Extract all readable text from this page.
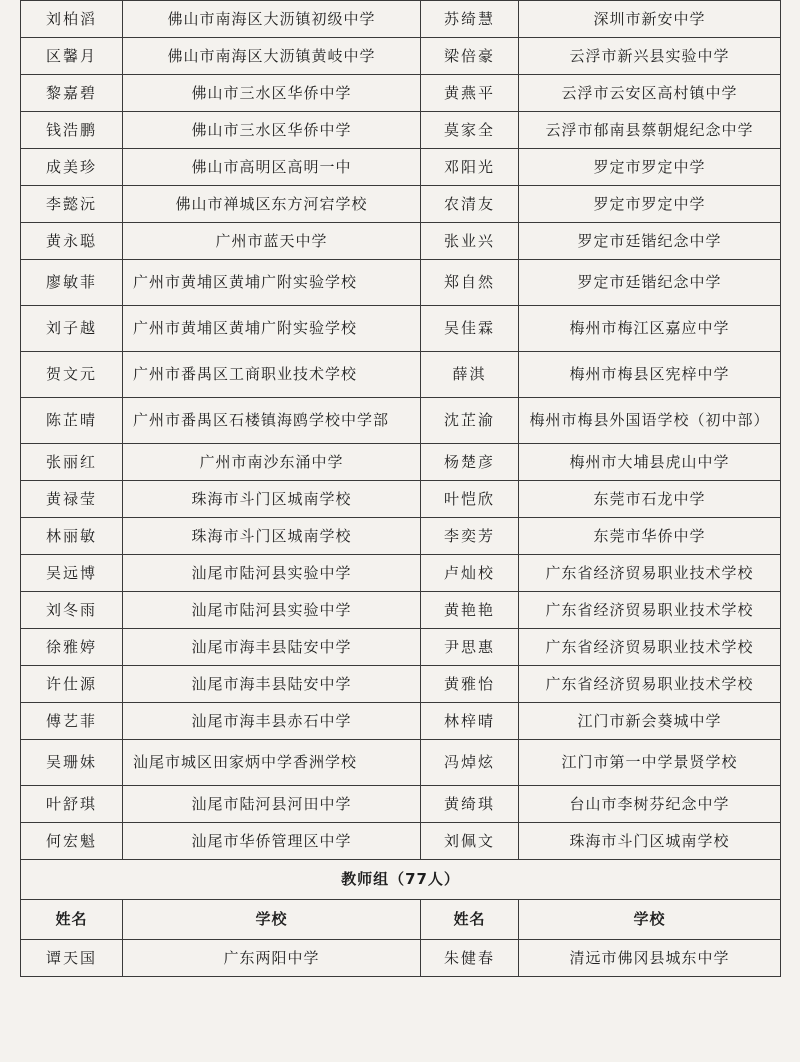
刘柏滔	佛山市南海区大沥镇初级中学	苏绮慧	深圳市新安中学
区馨月	佛山市南海区大沥镇黄岐中学	梁倍豪	云浮市新兴县实验中学
黎嘉碧	佛山市三水区华侨中学	黄燕平	云浮市云安区高村镇中学
钱浩鹏	佛山市三水区华侨中学	莫家全	云浮市郁南县蔡朝焜纪念中学
成美珍	佛山市高明区高明一中	邓阳光	罗定市罗定中学
李懿沅	佛山市禅城区东方河宕学校	农清友	罗定市罗定中学
黄永聪	广州市蓝天中学	张业兴	罗定市廷锴纪念中学
廖敏菲	广州市黄埔区黄埔广附实验学校	郑自然	罗定市廷锴纪念中学
刘子越	广州市黄埔区黄埔广附实验学校	吴佳霖	梅州市梅江区嘉应中学
贺文元	广州市番禺区工商职业技术学校	薛淇	梅州市梅县区宪梓中学
陈芷晴	广州市番禺区石楼镇海鸥学校中学部	沈芷渝	梅州市梅县外国语学校（初中部）
张丽红	广州市南沙东涌中学	杨楚彦	梅州市大埔县虎山中学
黄禄莹	珠海市斗门区城南学校	叶恺欣	东莞市石龙中学
林丽敏	珠海市斗门区城南学校	李奕芳	东莞市华侨中学
吴远博	汕尾市陆河县实验中学	卢灿校	广东省经济贸易职业技术学校
刘冬雨	汕尾市陆河县实验中学	黄艳艳	广东省经济贸易职业技术学校
徐雅婷	汕尾市海丰县陆安中学	尹思惠	广东省经济贸易职业技术学校
许仕源	汕尾市海丰县陆安中学	黄雅怡	广东省经济贸易职业技术学校
傅艺菲	汕尾市海丰县赤石中学	林梓晴	江门市新会葵城中学
吴珊妹	汕尾市城区田家炳中学香洲学校	冯焯炫	江门市第一中学景贤学校
叶舒琪	汕尾市陆河县河田中学	黄绮琪	台山市李树芬纪念中学
何宏魁	汕尾市华侨管理区中学	刘佩文	珠海市斗门区城南学校
教师组（77人）			
姓名	学校	姓名	学校
谭天国	广东两阳中学	朱健春	清远市佛冈县城东中学
